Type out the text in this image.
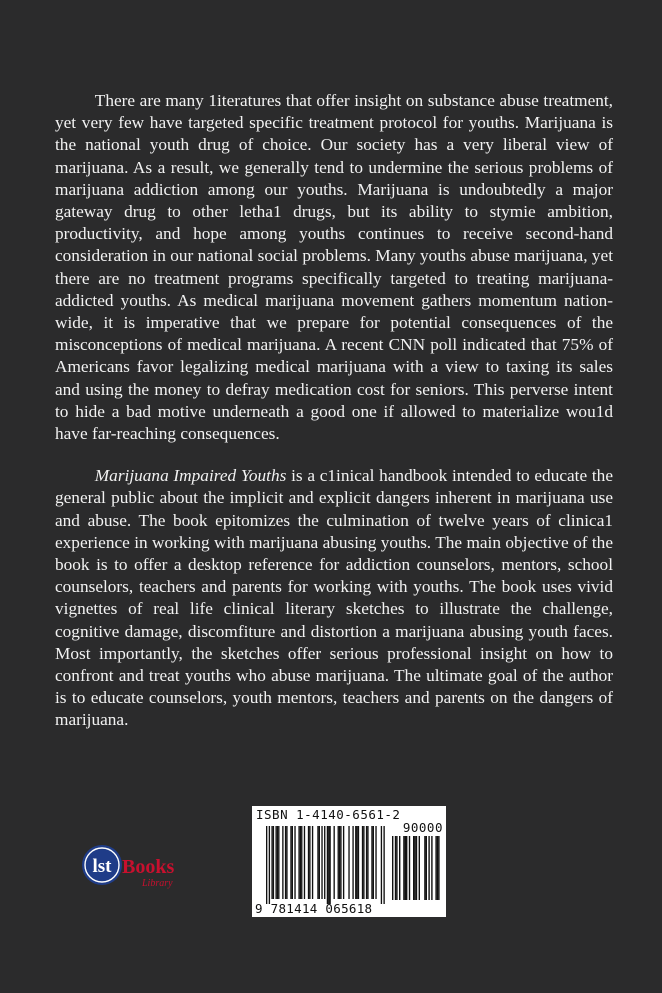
There are many 1iteratures that offer insight on substance abuse treatment, yet very few have targeted specific treatment protocol for youths. Marijuana is the national youth drug of choice. Our society has a very liberal view of marijuana. As a result, we generally tend to undermine the serious problems of marijuana addiction among our youths. Marijuana is undoubtedly a major gateway drug to other letha1 drugs, but its ability to stymie ambition, productivity, and hope among youths continues to receive second-hand consideration in our national social problems. Many youths abuse marijuana, yet there are no treatment programs specifically targeted to treating marijuana-addicted youths. As medical marijuana movement gathers momentum nation-wide, it is imperative that we prepare for potential consequences of the misconceptions of medical marijuana. A recent CNN poll indicated that 75% of Americans favor legalizing medical marijuana with a view to taxing its sales and using the money to defray medication cost for seniors. This perverse intent to hide a bad motive underneath a good one if allowed to materialize wou1d have far-reaching consequences.

Marijuana Impaired Youths is a c1inical handbook intended to educate the general public about the implicit and explicit dangers inherent in marijuana use and abuse. The book epitomizes the culmination of twelve years of clinica1 experience in working with marijuana abusing youths. The main objective of the book is to offer a desktop reference for addiction counselors, mentors, school counselors, teachers and parents for working with youths. The book uses vivid vignettes of real life clinical literary sketches to illustrate the challenge, cognitive damage, discomfiture and distortion a marijuana abusing youth faces. Most importantly, the sketches offer serious professional insight on how to confront and treat youths who abuse marijuana. The ultimate goal of the author is to educate counselors, youth mentors, teachers and parents on the dangers of marijuana.

lst Books
Library
ISBN 1-4140-6561-2
90000
9 781414 065618
